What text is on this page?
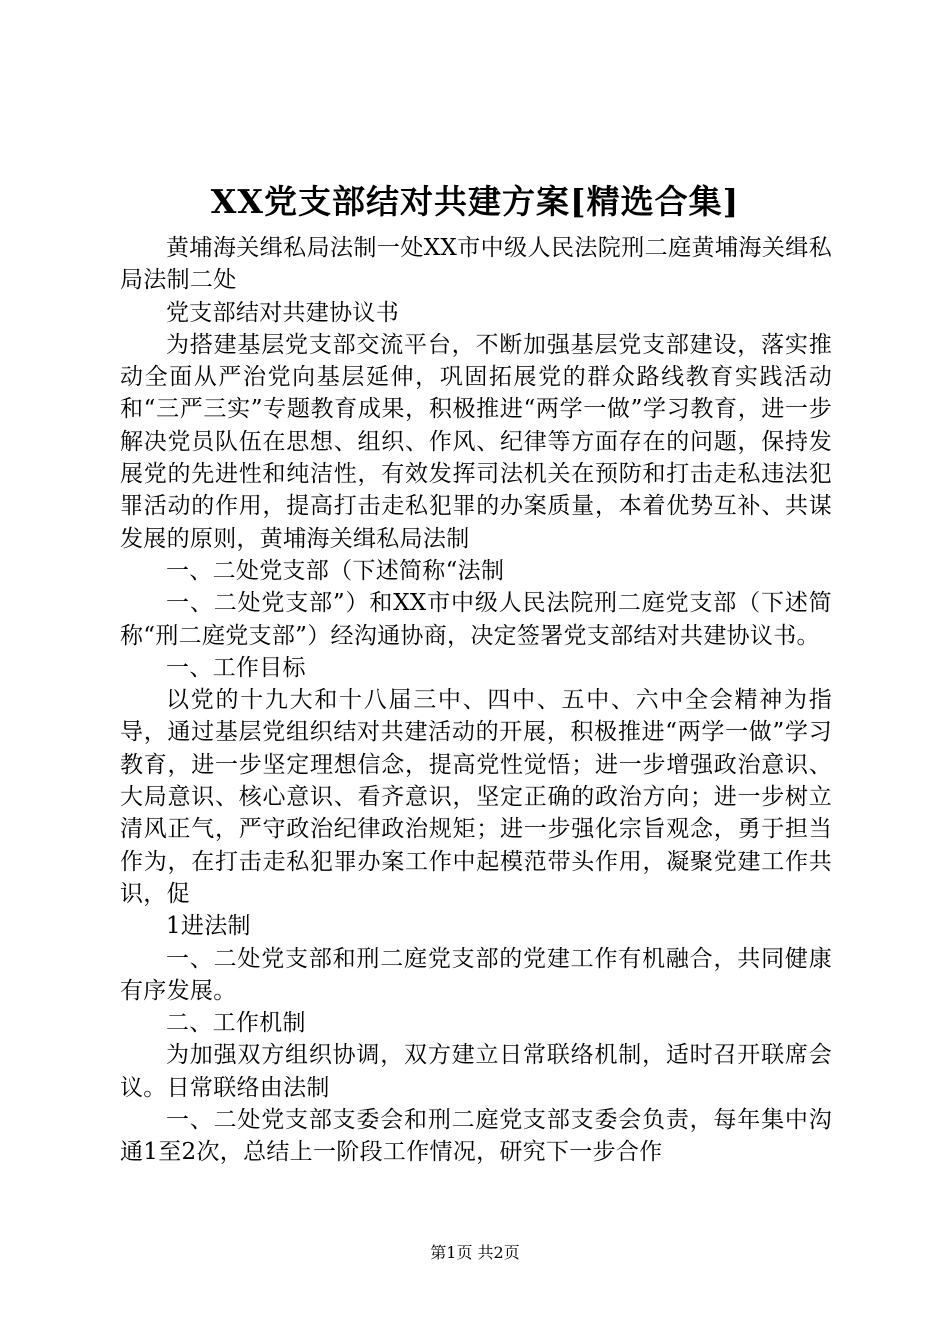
XX党支部结对共建方案[精选合集]

黄埔海关缉私局法制一处XX市中级人民法院刑二庭黄埔海关缉私局法制二处

党支部结对共建协议书

为搭建基层党支部交流平台，不断加强基层党支部建设，落实推动全面从严治党向基层延伸，巩固拓展党的群众路线教育实践活动和“三严三实”专题教育成果，积极推进“两学一做”学习教育，进一步解决党员队伍在思想、组织、作风、纪律等方面存在的问题，保持发展党的先进性和纯洁性，有效发挥司法机关在预防和打击走私违法犯罪活动的作用，提高打击走私犯罪的办案质量，本着优势互补、共谋发展的原则，黄埔海关缉私局法制

一、二处党支部（下述简称“法制

一、二处党支部”）和XX市中级人民法院刑二庭党支部（下述简称“刑二庭党支部”）经沟通协商，决定签署党支部结对共建协议书。

一、工作目标

以党的十九大和十八届三中、四中、五中、六中全会精神为指导，通过基层党组织结对共建活动的开展，积极推进“两学一做”学习教育，进一步坚定理想信念，提高党性觉悟；进一步增强政治意识、大局意识、核心意识、看齐意识，坚定正确的政治方向；进一步树立清风正气，严守政治纪律政治规矩；进一步强化宗旨观念，勇于担当作为，在打击走私犯罪办案工作中起模范带头作用，凝聚党建工作共识，促

1进法制

一、二处党支部和刑二庭党支部的党建工作有机融合，共同健康有序发展。

二、工作机制

为加强双方组织协调，双方建立日常联络机制，适时召开联席会议。日常联络由法制

一、二处党支部支委会和刑二庭党支部支委会负责，每年集中沟通1至2次，总结上一阶段工作情况，研究下一步合作

第1页 共2页
